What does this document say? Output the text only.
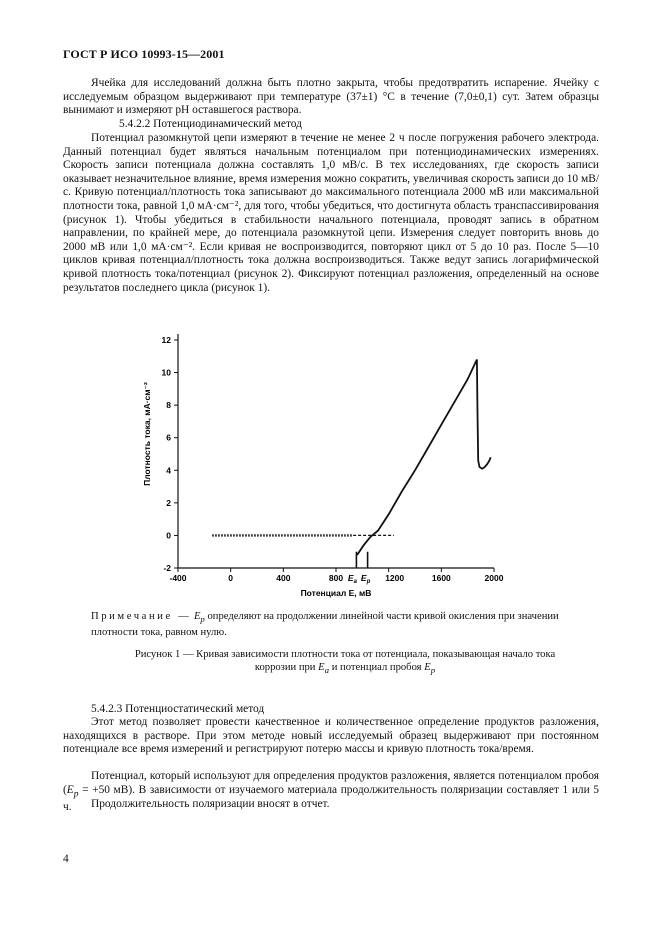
ГОСТ Р ИСО 10993-15—2001

Ячейка для исследований должна быть плотно закрыта, чтобы предотвратить испарение. Ячейку с исследуемым образцом выдерживают при температуре (37±1) °С в течение (7,0±0,1) сут. Затем образцы вынимают и измеряют рН оставшегося раствора.

5.4.2.2 Потенциодинамический метод

Потенциал разомкнутой цепи измеряют в течение не менее 2 ч после погружения рабочего электрода. Данный потенциал будет являться начальным потенциалом при потенциодинамических измерениях. Скорость записи потенциала должна составлять 1,0 мВ/с. В тех исследованиях, где скорость записи оказывает незначительное влияние, время измерения можно сократить, увеличивая скорость записи до 10 мВ/с. Кривую потенциал/плотность тока записывают до максимального потенциала 2000 мВ или максимальной плотности тока, равной 1,0 мА·см⁻², для того, чтобы убедиться, что достигнута область транспассивирования (рисунок 1). Чтобы убедиться в стабильности начального потенциала, проводят запись в обратном направлении, по крайней мере, до потенциала разомкнутой цепи. Измерения следует повторить вновь до 2000 мВ или 1,0 мА·см⁻². Если кривая не воспроизводится, повторяют цикл от 5 до 10 раз. После 5—10 циклов кривая потенциал/плотность тока должна воспроизводиться. Также ведут запись логарифмической кривой плотность тока/потенциал (рисунок 2). Фиксируют потенциал разложения, определенный на основе результатов последнего цикла (рисунок 1).

-2
0
2
4
6
8
10
12
-400	0	400	800	1200	1600	2000
$E_a$ $E_p$
Плотность тока, мА·см⁻²
Потенциал E, мВ
Примечание — $E_p$ определяют на продолжении линейной части кривой окисления при значении плотности тока, равном нулю.
Рисунок 1 — Кривая зависимости плотности тока от потенциала, показывающая начало тока
коррозии при $E_a$ и потенциал пробоя $E_p$
5.4.2.3 Потенциостатический метод

Этот метод позволяет провести качественное и количественное определение продуктов разложения, находящихся в растворе. При этом методе новый исследуемый образец выдерживают при постоянном потенциале все время измерений и регистрируют потерю массы и кривую плотность тока/время.

Потенциал, который используют для определения продуктов разложения, является потенциалом пробоя ($E_p = +50$ мВ). В зависимости от изучаемого материала продолжительность поляризации составляет 1 или 5 ч.	Продолжительность поляризации вносят в отчет.

4
